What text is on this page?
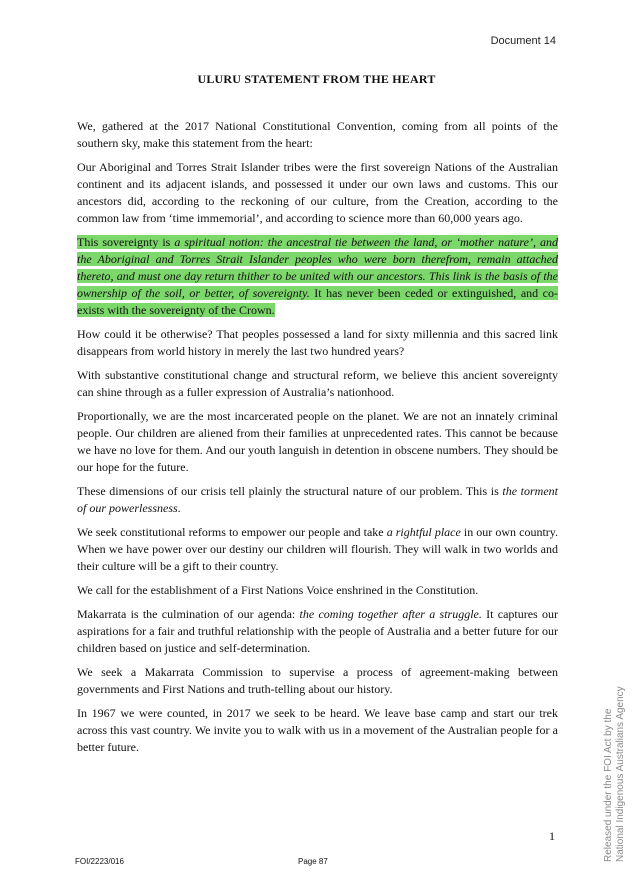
Document 14
ULURU STATEMENT FROM THE HEART

We, gathered at the 2017 National Constitutional Convention, coming from all points of the southern sky, make this statement from the heart:

Our Aboriginal and Torres Strait Islander tribes were the first sovereign Nations of the Australian continent and its adjacent islands, and possessed it under our own laws and customs. This our ancestors did, according to the reckoning of our culture, from the Creation, according to the common law from ‘time immemorial’, and according to science more than 60,000 years ago.

This sovereignty is a spiritual notion: the ancestral tie between the land, or ‘mother nature’, and the Aboriginal and Torres Strait Islander peoples who were born therefrom, remain attached thereto, and must one day return thither to be united with our ancestors. This link is the basis of the ownership of the soil, or better, of sovereignty. It has never been ceded or extinguished, and co-exists with the sovereignty of the Crown.

How could it be otherwise? That peoples possessed a land for sixty millennia and this sacred link disappears from world history in merely the last two hundred years?

With substantive constitutional change and structural reform, we believe this ancient sovereignty can shine through as a fuller expression of Australia’s nationhood.

Proportionally, we are the most incarcerated people on the planet. We are not an innately criminal people. Our children are aliened from their families at unprecedented rates. This cannot be because we have no love for them. And our youth languish in detention in obscene numbers. They should be our hope for the future.

These dimensions of our crisis tell plainly the structural nature of our problem. This is the torment of our powerlessness.

We seek constitutional reforms to empower our people and take a rightful place in our own country. When we have power over our destiny our children will flourish. They will walk in two worlds and their culture will be a gift to their country.

We call for the establishment of a First Nations Voice enshrined in the Constitution.

Makarrata is the culmination of our agenda: the coming together after a struggle. It captures our aspirations for a fair and truthful relationship with the people of Australia and a better future for our children based on justice and self-determination.

We seek a Makarrata Commission to supervise a process of agreement-making between governments and First Nations and truth-telling about our history.

In 1967 we were counted, in 2017 we seek to be heard. We leave base camp and start our trek across this vast country. We invite you to walk with us in a movement of the Australian people for a better future.

1
FOI/2223/016	Page 87	Released under the FOI Act by the National Indigenous Australians Agency
